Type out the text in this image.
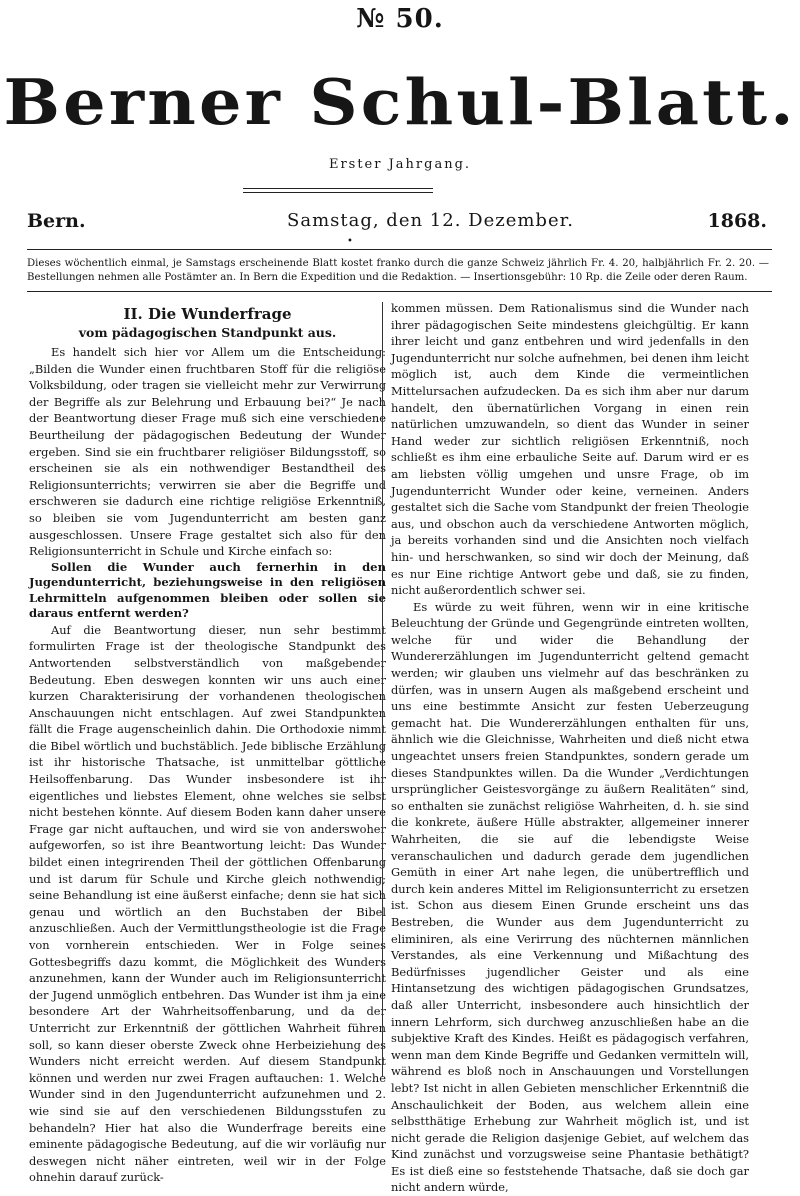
№ 50.
Berner Schul-Blatt.
Erster Jahrgang.
Bern.	Samstag, den 12. Dezember.	1868.
•
Dieses wöchentlich einmal, je Samstags erscheinende Blatt kostet franko durch die ganze Schweiz jährlich Fr. 4. 20, halbjährlich Fr. 2. 20. — Bestellungen nehmen alle Postämter an. In Bern die Expedition und die Redaktion. — Insertionsgebühr: 10 Rp. die Zeile oder deren Raum.
II. Die Wunderfrage
vom pädagogischen Standpunkt aus.

Es handelt sich hier vor Allem um die Entscheidung: „Bilden die Wunder einen fruchtbaren Stoff für die religiöse Volksbildung, oder tragen sie vielleicht mehr zur Verwirrung der Begriffe als zur Belehrung und Erbauung bei?“ Je nach der Beantwortung dieser Frage muß sich eine verschiedene Beurtheilung der pädagogischen Bedeutung der Wunder ergeben. Sind sie ein fruchtbarer religiöser Bildungsstoff, so erscheinen sie als ein nothwendiger Bestandtheil des Religionsunterrichts; verwirren sie aber die Begriffe und erschweren sie dadurch eine richtige religiöse Erkenntniß, so bleiben sie vom Jugendunterricht am besten ganz ausgeschlossen. Unsere Frage gestaltet sich also für den Religionsunterricht in Schule und Kirche einfach so:

Sollen die Wunder auch fernerhin in den Jugendunterricht, beziehungsweise in den religiösen Lehrmitteln aufgenommen bleiben oder sollen sie daraus entfernt werden?

Auf die Beantwortung dieser, nun sehr bestimmt formulirten Frage ist der theologische Standpunkt des Antwortenden selbstverständlich von maßgebender Bedeutung. Eben deswegen konnten wir uns auch einer kurzen Charakterisirung der vorhandenen theologischen Anschauungen nicht entschlagen. Auf zwei Standpunkten fällt die Frage augenscheinlich dahin. Die Orthodoxie nimmt die Bibel wörtlich und buchstäblich. Jede biblische Erzählung ist ihr historische Thatsache, ist unmittelbar göttliche Heilsoffenbarung. Das Wunder insbesondere ist ihr eigentliches und liebstes Element, ohne welches sie selbst nicht bestehen könnte. Auf diesem Boden kann daher unsere Frage gar nicht auftauchen, und wird sie von anderswoher aufgeworfen, so ist ihre Beantwortung leicht: Das Wunder bildet einen integrirenden Theil der göttlichen Offenbarung und ist darum für Schule und Kirche gleich nothwendig; seine Behandlung ist eine äußerst einfache; denn sie hat sich genau und wörtlich an den Buchstaben der Bibel anzuschließen. Auch der Vermittlungstheologie ist die Frage von vornherein entschieden. Wer in Folge seines Gottesbegriffs dazu kommt, die Möglichkeit des Wunders anzunehmen, kann der Wunder auch im Religionsunterricht der Jugend unmöglich entbehren. Das Wunder ist ihm ja eine besondere Art der Wahrheitsoffenbarung, und da der Unterricht zur Erkenntniß der göttlichen Wahrheit führen soll, so kann dieser oberste Zweck ohne Herbeiziehung des Wunders nicht erreicht werden. Auf diesem Standpunkt können und werden nur zwei Fragen auftauchen: 1. Welche Wunder sind in den Jugendunterricht aufzunehmen und 2. wie sind sie auf den verschiedenen Bildungsstufen zu behandeln? Hier hat also die Wunderfrage bereits eine eminente pädagogische Bedeutung, auf die wir vorläufig nur deswegen nicht näher eintreten, weil wir in der Folge ohnehin darauf zurück-

kommen müssen. Dem Rationalismus sind die Wunder nach ihrer pädagogischen Seite mindestens gleichgültig. Er kann ihrer leicht und ganz entbehren und wird jedenfalls in den Jugendunterricht nur solche aufnehmen, bei denen ihm leicht möglich ist, auch dem Kinde die vermeintlichen Mittelursachen aufzudecken. Da es sich ihm aber nur darum handelt, den übernatürlichen Vorgang in einen rein natürlichen umzuwandeln, so dient das Wunder in seiner Hand weder zur sichtlich religiösen Erkenntniß, noch schließt es ihm eine erbauliche Seite auf. Darum wird er es am liebsten völlig umgehen und unsre Frage, ob im Jugendunterricht Wunder oder keine, verneinen. Anders gestaltet sich die Sache vom Standpunkt der freien Theologie aus, und obschon auch da verschiedene Antworten möglich, ja bereits vorhanden sind und die Ansichten noch vielfach hin- und herschwanken, so sind wir doch der Meinung, daß es nur Eine richtige Antwort gebe und daß, sie zu finden, nicht außerordentlich schwer sei.

Es würde zu weit führen, wenn wir in eine kritische Beleuchtung der Gründe und Gegengründe eintreten wollten, welche für und wider die Behandlung der Wundererzählungen im Jugendunterricht geltend gemacht werden; wir glauben uns vielmehr auf das beschränken zu dürfen, was in unsern Augen als maßgebend erscheint und uns eine bestimmte Ansicht zur festen Ueberzeugung gemacht hat. Die Wundererzählungen enthalten für uns, ähnlich wie die Gleichnisse, Wahrheiten und dieß nicht etwa ungeachtet unsers freien Standpunktes, sondern gerade um dieses Standpunktes willen. Da die Wunder „Verdichtungen ursprünglicher Geistesvorgänge zu äußern Realitäten“ sind, so enthalten sie zunächst religiöse Wahrheiten, d. h. sie sind die konkrete, äußere Hülle abstrakter, allgemeiner innerer Wahrheiten, die sie auf die lebendigste Weise veranschaulichen und dadurch gerade dem jugendlichen Gemüth in einer Art nahe legen, die unübertrefflich und durch kein anderes Mittel im Religionsunterricht zu ersetzen ist. Schon aus diesem Einen Grunde erscheint uns das Bestreben, die Wunder aus dem Jugendunterricht zu eliminiren, als eine Verirrung des nüchternen männlichen Verstandes, als eine Verkennung und Mißachtung des Bedürfnisses jugendlicher Geister und als eine Hintansetzung des wichtigen pädagogischen Grundsatzes, daß aller Unterricht, insbesondere auch hinsichtlich der innern Lehrform, sich durchweg anzuschließen habe an die subjektive Kraft des Kindes. Heißt es pädagogisch verfahren, wenn man dem Kinde Begriffe und Gedanken vermitteln will, während es bloß noch in Anschauungen und Vorstellungen lebt? Ist nicht in allen Gebieten menschlicher Erkenntniß die Anschaulichkeit der Boden, aus welchem allein eine selbstthätige Erhebung zur Wahrheit möglich ist, und ist nicht gerade die Religion dasjenige Gebiet, auf welchem das Kind zunächst und vorzugsweise seine Phantasie bethätigt? Es ist dieß eine so feststehende Thatsache, daß sie doch gar nicht andern würde,
